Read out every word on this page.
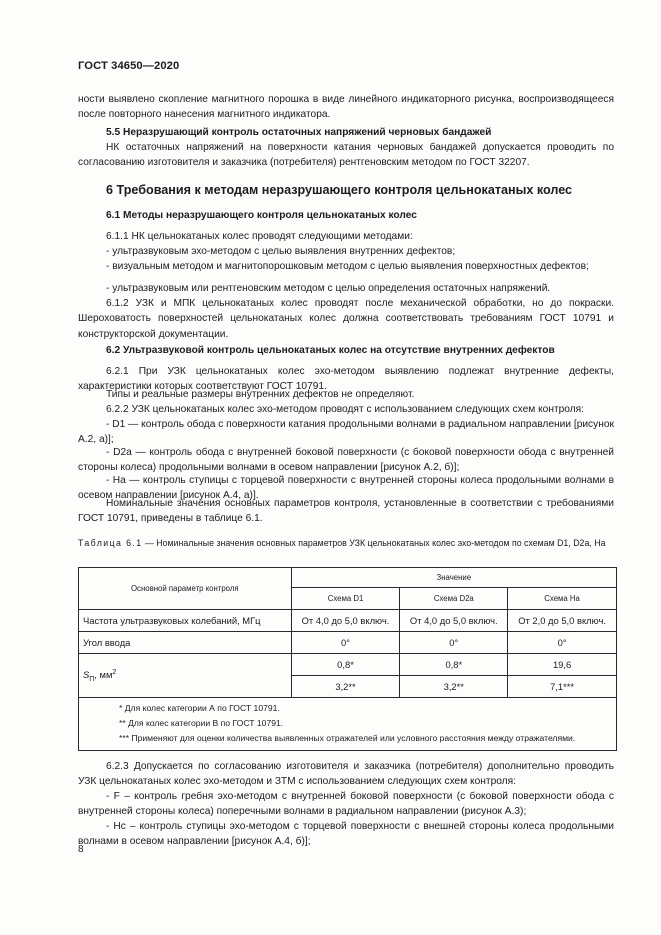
ГОСТ 34650—2020

ности выявлено скопление магнитного порошка в виде линейного индикаторного рисунка, воспроизводящееся после повторного нанесения магнитного индикатора.

5.5 Неразрушающий контроль остаточных напряжений черновых бандажей

НК остаточных напряжений на поверхности катания черновых бандажей допускается проводить по согласованию изготовителя и заказчика (потребителя) рентгеновским методом по ГОСТ 32207.

6 Требования к методам неразрушающего контроля цельнокатаных колес
6.1 Методы неразрушающего контроля цельнокатаных колес

6.1.1 НК цельнокатаных колес проводят следующими методами:

- ультразвуковым эхо-методом с целью выявления внутренних дефектов;

- визуальным методом и магнитопорошковым методом с целью выявления поверхностных дефектов;

- ультразвуковым или рентгеновским методом с целью определения остаточных напряжений.

6.1.2 УЗК и МПК цельнокатаных колес проводят после механической обработки, но до покраски. Шероховатость поверхностей цельнокатаных колес должна соответствовать требованиям ГОСТ 10791 и конструкторской документации.

6.2 Ультразвуковой контроль цельнокатаных колес на отсутствие внутренних дефектов

6.2.1 При УЗК цельнокатаных колес эхо-методом выявлению подлежат внутренние дефекты, характеристики которых соответствуют ГОСТ 10791.

Типы и реальные размеры внутренних дефектов не определяют.

6.2.2 УЗК цельнокатаных колес эхо-методом проводят с использованием следующих схем контроля:

- D1 — контроль обода с поверхности катания продольными волнами в радиальном направлении [рисунок А.2, а)];

- D2a — контроль обода с внутренней боковой поверхности (с боковой поверхности обода с внутренней стороны колеса) продольными волнами в осевом направлении [рисунок А.2, б)];

- На — контроль ступицы с торцевой поверхности с внутренней стороны колеса продольными волнами в осевом направлении [рисунок А.4, а)].

Номинальные значения основных параметров контроля, установленные в соответствии с требованиями ГОСТ 10791, приведены в таблице 6.1.

Таблица 6.1 — Номинальные значения основных параметров УЗК цельнокатаных колес эхо-методом по схемам D1, D2a, Ha
Основной параметр контроля	Значение		
	Схема D1	Схема D2a	Схема На
Частота ультразвуковых колебаний, МГц	От 4,0 до 5,0 включ.	От 4,0 до 5,0 включ.	От 2,0 до 5,0 включ.
Угол ввода	0°	0°	0°
$S_П$, $мм^2$	0,8*	0,8*	19,6
	3,2**	3,2**	7,1***

* Для колес категории А по ГОСТ 10791.
** Для колес категории В по ГОСТ 10791.
*** Применяют для оценки количества выявленных отражателей или условного расстояния между отражателями.			

6.2.3 Допускается по согласованию изготовителя и заказчика (потребителя) дополнительно проводить УЗК цельнокатаных колес эхо-методом и ЗТМ с использованием следующих схем контроля:

- F – контроль гребня эхо-методом с внутренней боковой поверхности (с боковой поверхности обода с внутренней стороны колеса) поперечными волнами в радиальном направлении (рисунок А.3);

- Hc – контроль ступицы эхо-методом с торцевой поверхности с внешней стороны колеса продольными волнами в осевом направлении [рисунок А.4, б)];

8
